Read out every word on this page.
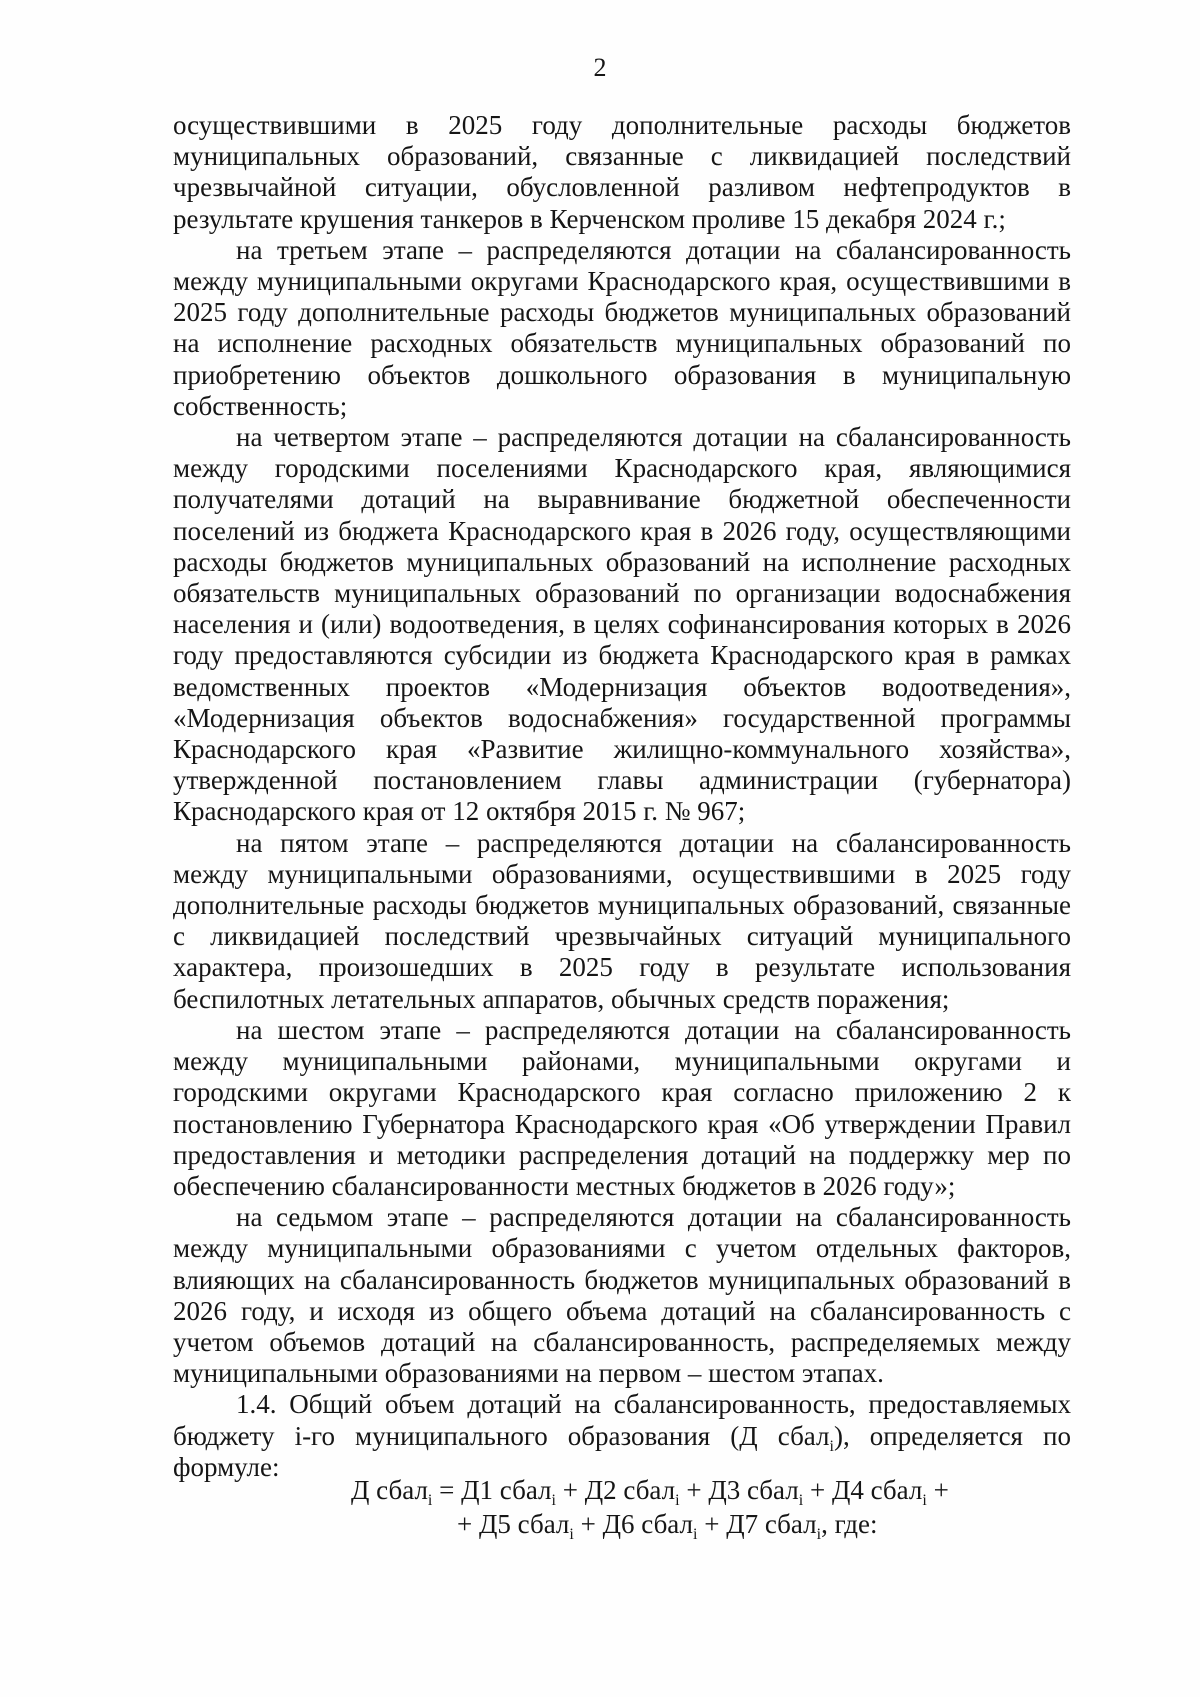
2

осуществившими в 2025 году дополнительные расходы бюджетов муниципальных образований, связанные с ликвидацией последствий чрезвычайной ситуации, обусловленной разливом нефтепродуктов в результате крушения танкеров в Керченском проливе 15 декабря 2024 г.;

на третьем этапе – распределяются дотации на сбалансированность между муниципальными округами Краснодарского края, осуществившими в 2025 году дополнительные расходы бюджетов муниципальных образований на исполнение расходных обязательств муниципальных образований по приобретению объектов дошкольного образования в муниципальную собственность;

на четвертом этапе – распределяются дотации на сбалансированность между городскими поселениями Краснодарского края, являющимися получателями дотаций на выравнивание бюджетной обеспеченности поселений из бюджета Краснодарского края в 2026 году, осуществляющими расходы бюджетов муниципальных образований на исполнение расходных обязательств муниципальных образований по организации водоснабжения населения и (или) водоотведения, в целях софинансирования которых в 2026 году предоставляются субсидии из бюджета Краснодарского края в рамках ведомственных проектов «Модернизация объектов водоотведения», «Модернизация объектов водоснабжения» государственной программы Краснодарского края «Развитие жилищно-коммунального хозяйства», утвержденной постановлением главы администрации (губернатора) Краснодарского края от 12 октября 2015 г. № 967;

на пятом этапе – распределяются дотации на сбалансированность между муниципальными образованиями, осуществившими в 2025 году дополнительные расходы бюджетов муниципальных образований, связанные с ликвидацией последствий чрезвычайных ситуаций муниципального характера, произошедших в 2025 году в результате использования беспилотных летательных аппаратов, обычных средств поражения;

на шестом этапе – распределяются дотации на сбалансированность между муниципальными районами, муниципальными округами и городскими округами Краснодарского края согласно приложению 2 к постановлению Губернатора Краснодарского края «Об утверждении Правил предоставления и методики распределения дотаций на поддержку мер по обеспечению сбалансированности местных бюджетов в 2026 году»;

на седьмом этапе – распределяются дотации на сбалансированность между муниципальными образованиями с учетом отдельных факторов, влияющих на сбалансированность бюджетов муниципальных образований в 2026 году, и исходя из общего объема дотаций на сбалансированность с учетом объемов дотаций на сбалансированность, распределяемых между муниципальными образованиями на первом – шестом этапах.

1.4. Общий объем дотаций на сбалансированность, предоставляемых бюджету i-го муниципального образования (Д сбал$_i$), определяется по формуле:

Д сбал$_i$ = Д1 сбал$_i$ + Д2 сбал$_i$ + Д3 сбал$_i$ + Д4 сбал$_i$ +
+ Д5 сбал$_i$ + Д6 сбал$_i$ + Д7 сбал$_i$, где:
